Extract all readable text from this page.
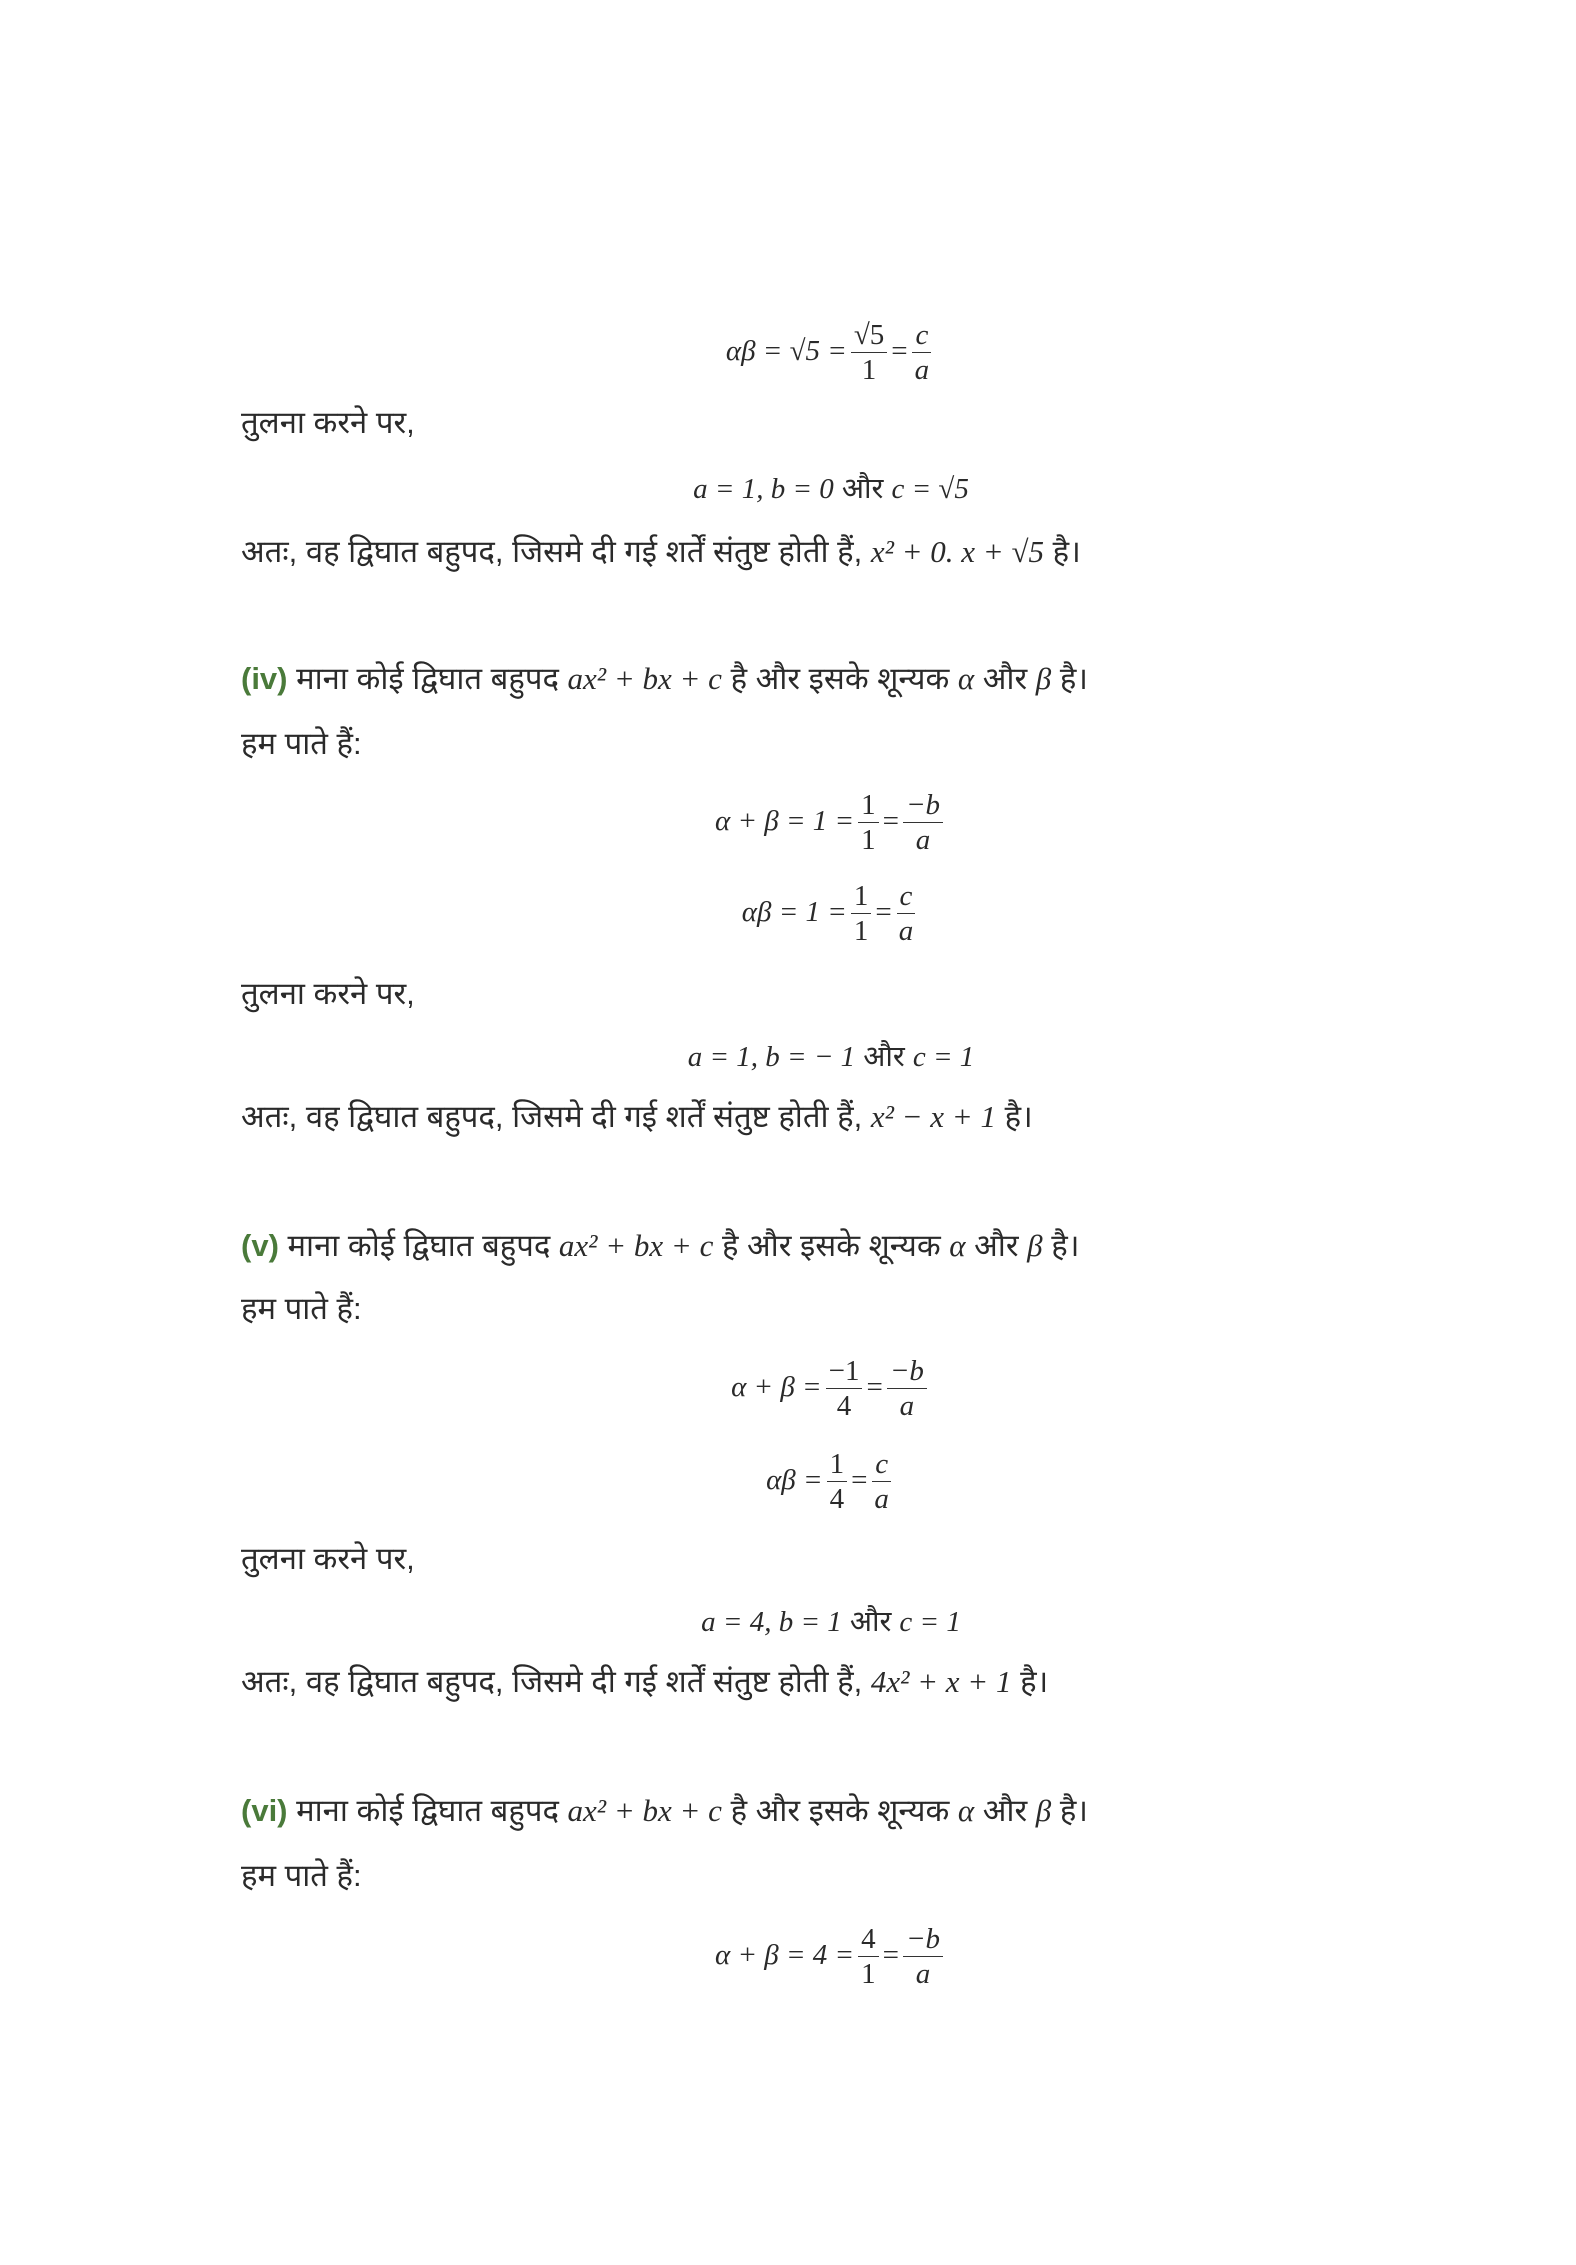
$\alpha\beta = √5 = \frac{√5}{1} = \frac{c}{a}$
तुलना करने पर,
a = 1, b = 0 और c = √5
अतः, वह द्विघात बहुपद, जिसमे दी गई शर्तें संतुष्ट होती हैं, x² + 0. x + √5 है।
(iv) माना कोई द्विघात बहुपद ax² + bx + c है और इसके शून्यक α और β है।
हम पाते हैं:
$\alpha + \beta = 1 = \frac{1}{1} = \frac{-b}{a}$
$\alpha\beta = 1 = \frac{1}{1} = \frac{c}{a}$
तुलना करने पर,
a = 1, b = − 1 और c = 1
अतः, वह द्विघात बहुपद, जिसमे दी गई शर्तें संतुष्ट होती हैं, x² − x + 1 है।
(v) माना कोई द्विघात बहुपद ax² + bx + c है और इसके शून्यक α और β है।
हम पाते हैं:
$\alpha + \beta = \frac{-1}{4} = \frac{-b}{a}$
$\alpha\beta = \frac{1}{4} = \frac{c}{a}$
तुलना करने पर,
a = 4, b = 1 और c = 1
अतः, वह द्विघात बहुपद, जिसमे दी गई शर्तें संतुष्ट होती हैं, 4x² + x + 1 है।
(vi) माना कोई द्विघात बहुपद ax² + bx + c है और इसके शून्यक α और β है।
हम पाते हैं:
$\alpha + \beta = 4 = \frac{4}{1} = \frac{-b}{a}$
